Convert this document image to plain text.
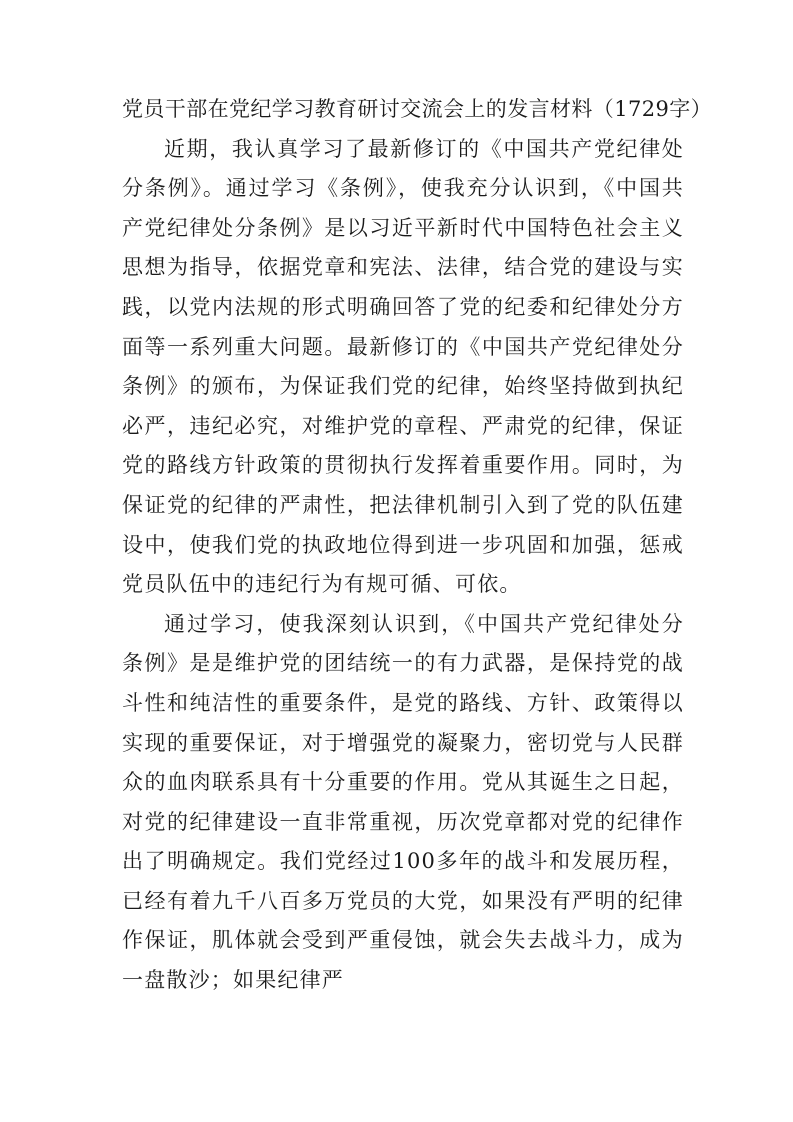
党员干部在党纪学习教育研讨交流会上的发言材料（1729字）

近期，我认真学习了最新修订的《中国共产党纪律处分条例》。通过学习《条例》，使我充分认识到，《中国共产党纪律处分条例》是以习近平新时代中国特色社会主义思想为指导，依据党章和宪法、法律，结合党的建设与实践，以党内法规的形式明确回答了党的纪委和纪律处分方面等一系列重大问题。最新修订的《中国共产党纪律处分条例》的颁布，为保证我们党的纪律，始终坚持做到执纪必严，违纪必究，对维护党的章程、严肃党的纪律，保证党的路线方针政策的贯彻执行发挥着重要作用。同时，为保证党的纪律的严肃性，把法律机制引入到了党的队伍建设中，使我们党的执政地位得到进一步巩固和加强，惩戒党员队伍中的违纪行为有规可循、可依。

通过学习，使我深刻认识到，《中国共产党纪律处分条例》是是维护党的团结统一的有力武器，是保持党的战斗性和纯洁性的重要条件，是党的路线、方针、政策得以实现的重要保证，对于增强党的凝聚力，密切党与人民群众的血肉联系具有十分重要的作用。党从其诞生之日起，对党的纪律建设一直非常重视，历次党章都对党的纪律作出了明确规定。我们党经过100多年的战斗和发展历程，已经有着九千八百多万党员的大党，如果没有严明的纪律作保证，肌体就会受到严重侵蚀，就会失去战斗力，成为一盘散沙；如果纪律严
